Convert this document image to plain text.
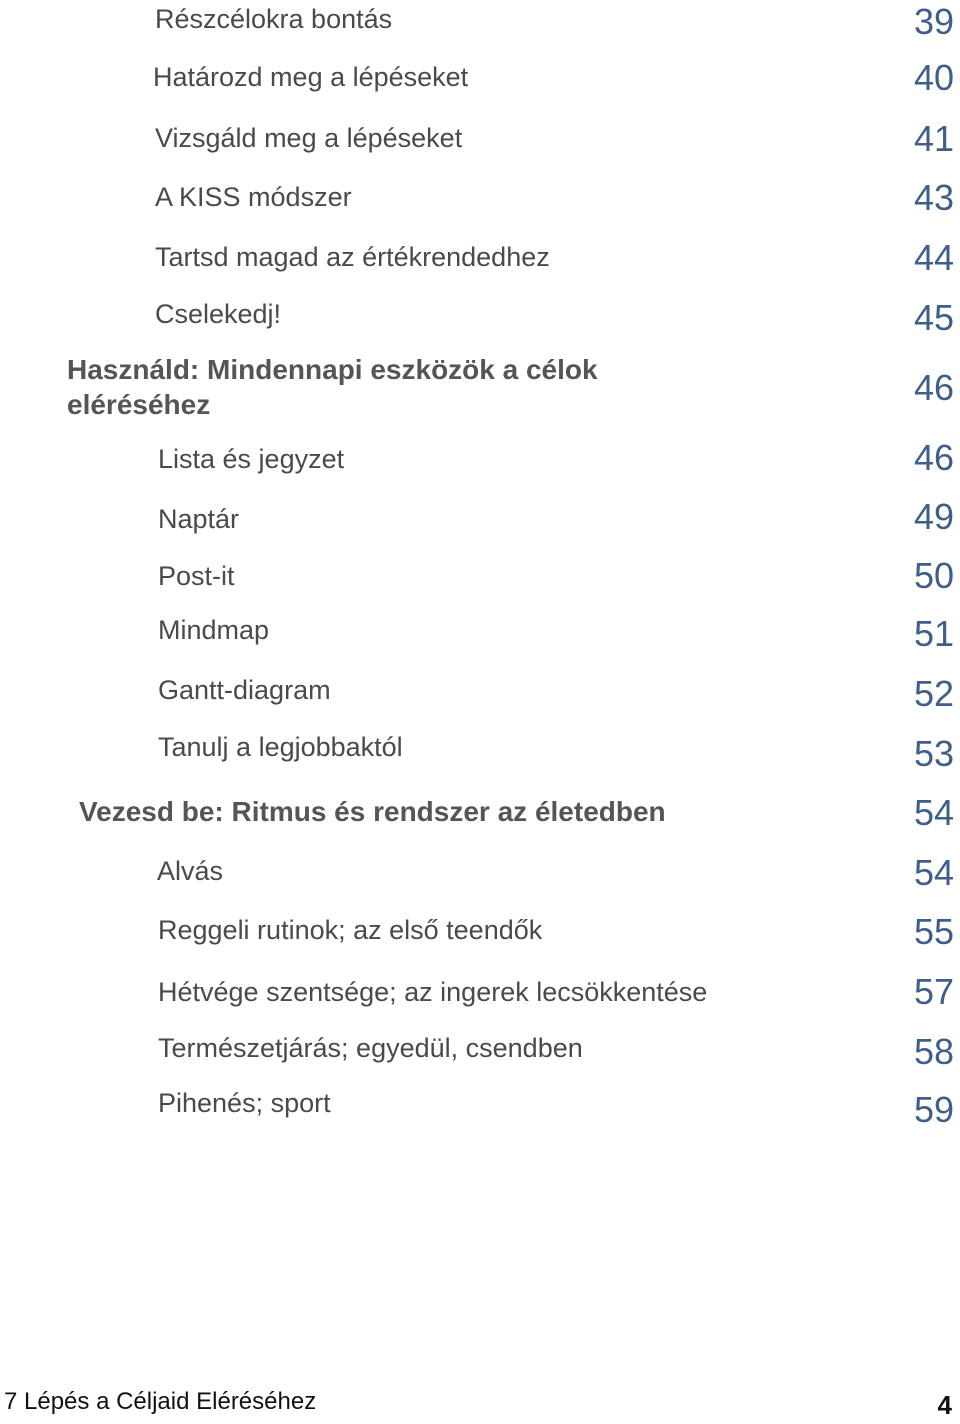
Részcélokra bontás	39
Határozd meg a lépéseket	40
Vizsgáld meg a lépéseket	41
A KISS módszer	43
Tartsd magad az értékrendedhez	44
Cselekedj!	45
Használd: Mindennapi eszközök a célok eléréséhez	46
Lista és jegyzet	46
Naptár	49
Post-it	50
Mindmap	51
Gantt-diagram	52
Tanulj a legjobbaktól	53
Vezesd be: Ritmus és rendszer az életedben	54
Alvás	54
Reggeli rutinok; az első teendők	55
Hétvége szentsége; az ingerek lecsökkentése	57
Természetjárás; egyedül, csendben	58
Pihenés; sport	59
7 Lépés a Céljaid Eléréséhez	4
